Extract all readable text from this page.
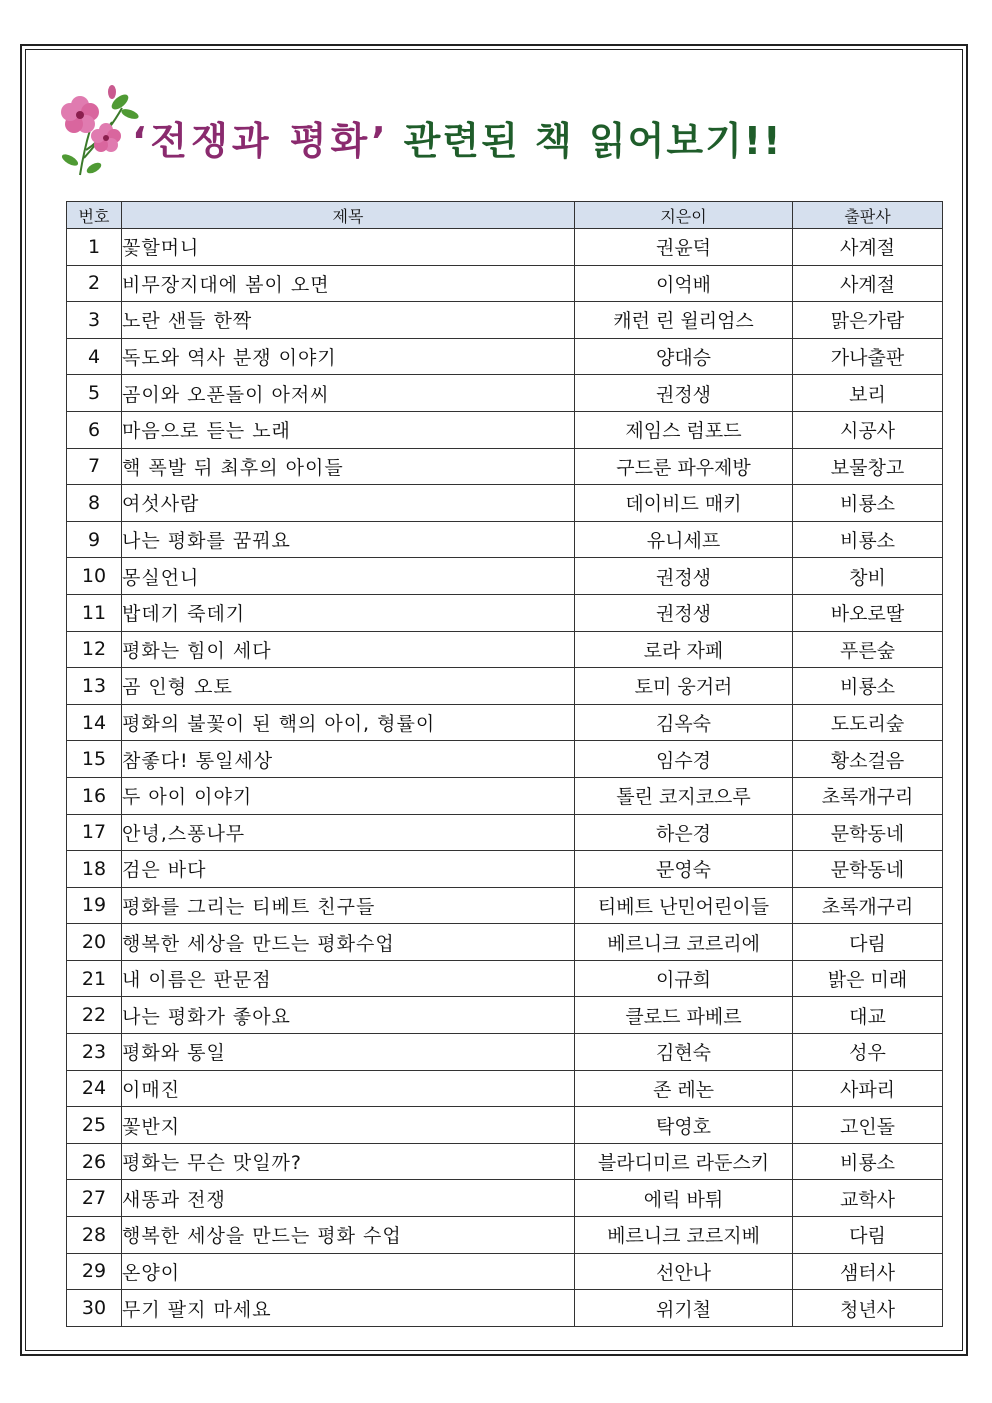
‘전쟁과 평화’ 관련된 책 읽어보기!!
번호	제목	지은이	출판사
1	꽃할머니	권윤덕	사계절
2	비무장지대에 봄이 오면	이억배	사계절
3	노란 샌들 한짝	캐런 린 윌리엄스	맑은가람
4	독도와 역사 분쟁 이야기	양대승	가나출판
5	곰이와 오푼돌이 아저씨	권정생	보리
6	마음으로 듣는 노래	제임스 럼포드	시공사
7	핵 폭발 뒤 최후의 아이들	구드룬 파우제방	보물창고
8	여섯사람	데이비드 매키	비룡소
9	나는 평화를 꿈꿔요	유니세프	비룡소
10	몽실언니	권정생	창비
11	밥데기 죽데기	권정생	바오로딸
12	평화는 힘이 세다	로라 자페	푸른숲
13	곰 인형 오토	토미 웅거러	비룡소
14	평화의 불꽃이 된 핵의 아이, 형률이	김옥숙	도도리숲
15	참좋다! 통일세상	임수경	황소걸음
16	두 아이 이야기	톨린 코지코으루	초록개구리
17	안녕,스퐁나무	하은경	문학동네
18	검은 바다	문영숙	문학동네
19	평화를 그리는 티베트 친구들	티베트 난민어린이들	초록개구리
20	행복한 세상을 만드는 평화수업	베르니크 코르리에	다림
21	내 이름은 판문점	이규희	밝은 미래
22	나는 평화가 좋아요	클로드 파베르	대교
23	평화와 통일	김현숙	성우
24	이매진	존 레논	사파리
25	꽃반지	탁영호	고인돌
26	평화는 무슨 맛일까?	블라디미르 라둔스키	비룡소
27	새똥과 전쟁	에릭 바튀	교학사
28	행복한 세상을 만드는 평화 수업	베르니크 코르지베	다림
29	온양이	선안나	샘터사
30	무기 팔지 마세요	위기철	청년사
